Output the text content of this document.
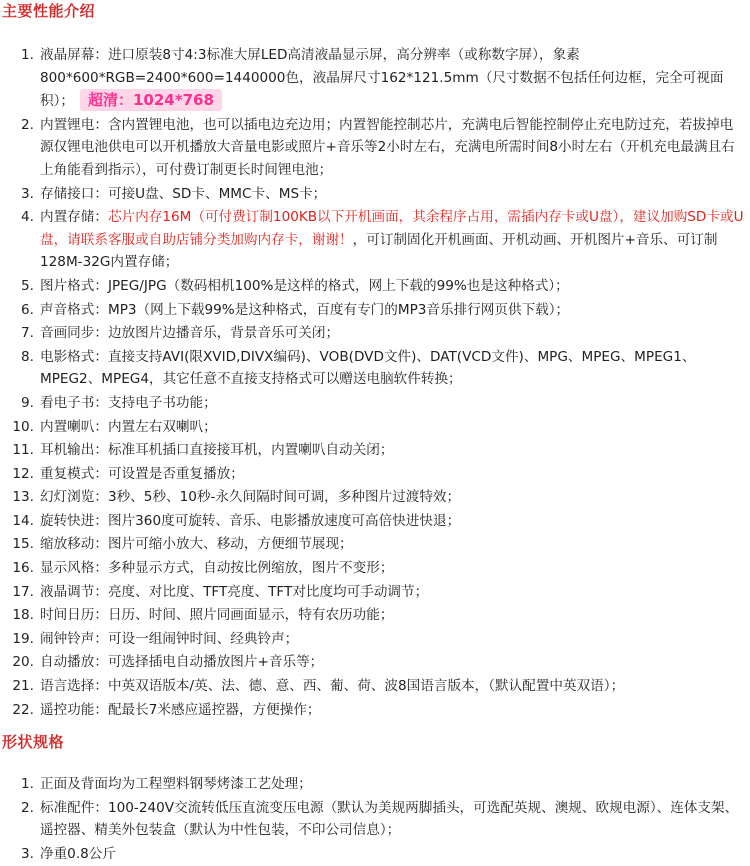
主要性能介绍
1. 液晶屏幕：进口原装8寸4:3标准大屏LED高清液晶显示屏，高分辨率（或称数字屏），象素800*600*RGB=2400*600=1440000色，液晶屏尺寸162*121.5mm（尺寸数据不包括任何边框，完全可视面积）； 超清：1024*768
2. 内置锂电：含内置锂电池，也可以插电边充边用；内置智能控制芯片，充满电后智能控制停止充电防过充，若拔掉电源仅锂电池供电可以开机播放大音量电影或照片+音乐等2小时左右，充满电所需时间8小时左右（开机充电最满且右上角能看到指示），可付费订制更长时间锂电池；
3. 存储接口：可接U盘、SD卡、MMC卡、MS卡；
4. 内置存储：芯片内存16M（可付费订制100KB以下开机画面，其余程序占用，需插内存卡或U盘），建议加购SD卡或U盘，请联系客服或自助店铺分类加购内存卡，谢谢！，可订制固化开机画面、开机动画、开机图片+音乐、可订制128M-32G内置存储；
5. 图片格式：JPEG/JPG（数码相机100%是这样的格式，网上下载的99%也是这种格式）；
6. 声音格式：MP3（网上下载99%是这种格式，百度有专门的MP3音乐排行网页供下载）；
7. 音画同步：边放图片边播音乐，背景音乐可关闭；
8. 电影格式：直接支持AVI(限XVID,DIVX编码)、VOB(DVD文件)、DAT(VCD文件)、MPG、MPEG、MPEG1、MPEG2、MPEG4，其它任意不直接支持格式可以赠送电脑软件转换；
9. 看电子书：支持电子书功能；
10. 内置喇叭：内置左右双喇叭；
11. 耳机输出：标准耳机插口直接接耳机，内置喇叭自动关闭；
12. 重复模式：可设置是否重复播放；
13. 幻灯浏览：3秒、5秒、10秒-永久间隔时间可调，多种图片过渡特效；
14. 旋转快进：图片360度可旋转、音乐、电影播放速度可高倍快进快退；
15. 缩放移动：图片可缩小放大、移动，方便细节展现；
16. 显示风格：多种显示方式，自动按比例缩放，图片不变形；
17. 液晶调节：亮度、对比度、TFT亮度、TFT对比度均可手动调节；
18. 时间日历：日历、时间、照片同画面显示，特有农历功能；
19. 闹钟铃声：可设一组闹钟时间、经典铃声；
20. 自动播放：可选择插电自动播放图片+音乐等；
21. 语言选择：中英双语版本/英、法、德、意、西、葡、荷、波8国语言版本，（默认配置中英双语）；
22. 遥控功能：配最长7米感应遥控器，方便操作；
形状规格
1. 正面及背面均为工程塑料钢琴烤漆工艺处理；
2. 标准配件：100-240V交流转低压直流变压电源（默认为美规两脚插头，可选配英规、澳规、欧规电源）、连体支架、遥控器、精美外包装盒（默认为中性包装，不印公司信息）；
3. 净重0.8公斤
